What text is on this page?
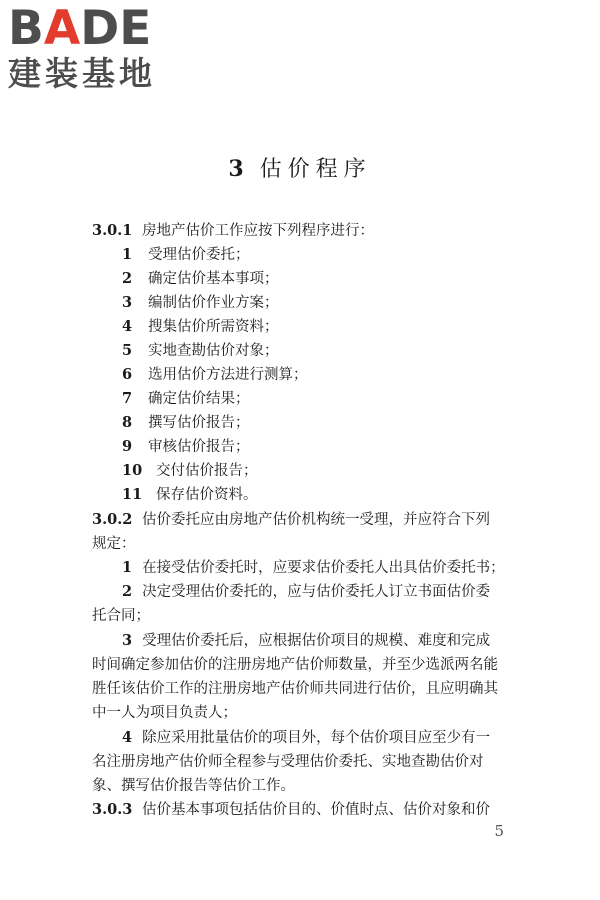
BADE
建装基地
3 估价程序
3.0.1 房地产估价工作应按下列程序进行：
1 受理估价委托；
2 确定估价基本事项；
3 编制估价作业方案；
4 搜集估价所需资料；
5 实地查勘估价对象；
6 选用估价方法进行测算；
7 确定估价结果；
8 撰写估价报告；
9 审核估价报告；
10 交付估价报告；
11 保存估价资料。
3.0.2 估价委托应由房地产估价机构统一受理，并应符合下列
规定：
1 在接受估价委托时，应要求估价委托人出具估价委托书；
2 决定受理估价委托的，应与估价委托人订立书面估价委
托合同；
3 受理估价委托后，应根据估价项目的规模、难度和完成
时间确定参加估价的注册房地产估价师数量，并至少选派两名能
胜任该估价工作的注册房地产估价师共同进行估价，且应明确其
中一人为项目负责人；
4 除应采用批量估价的项目外，每个估价项目应至少有一
名注册房地产估价师全程参与受理估价委托、实地查勘估价对
象、撰写估价报告等估价工作。
3.0.3 估价基本事项包括估价目的、价值时点、估价对象和价
5
